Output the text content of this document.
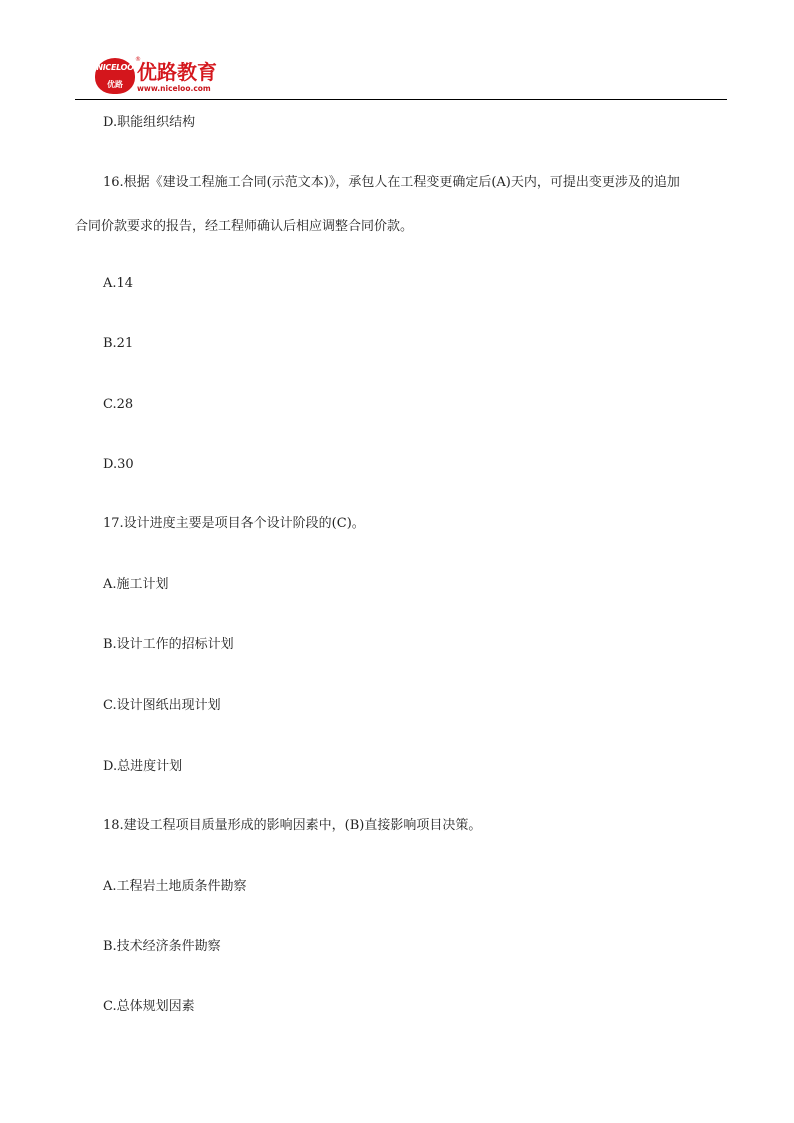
NICELOO
优路
®
优路教育
www.niceloo.com
D.职能组织结构
16.根据《建设工程施工合同(示范文本)》，承包人在工程变更确定后(A)天内，可提出变更涉及的追加
合同价款要求的报告，经工程师确认后相应调整合同价款。
A.14
B.21
C.28
D.30
17.设计进度主要是项目各个设计阶段的(C)。
A.施工计划
B.设计工作的招标计划
C.设计图纸出现计划
D.总进度计划
18.建设工程项目质量形成的影响因素中，(B)直接影响项目决策。
A.工程岩土地质条件勘察
B.技术经济条件勘察
C.总体规划因素
